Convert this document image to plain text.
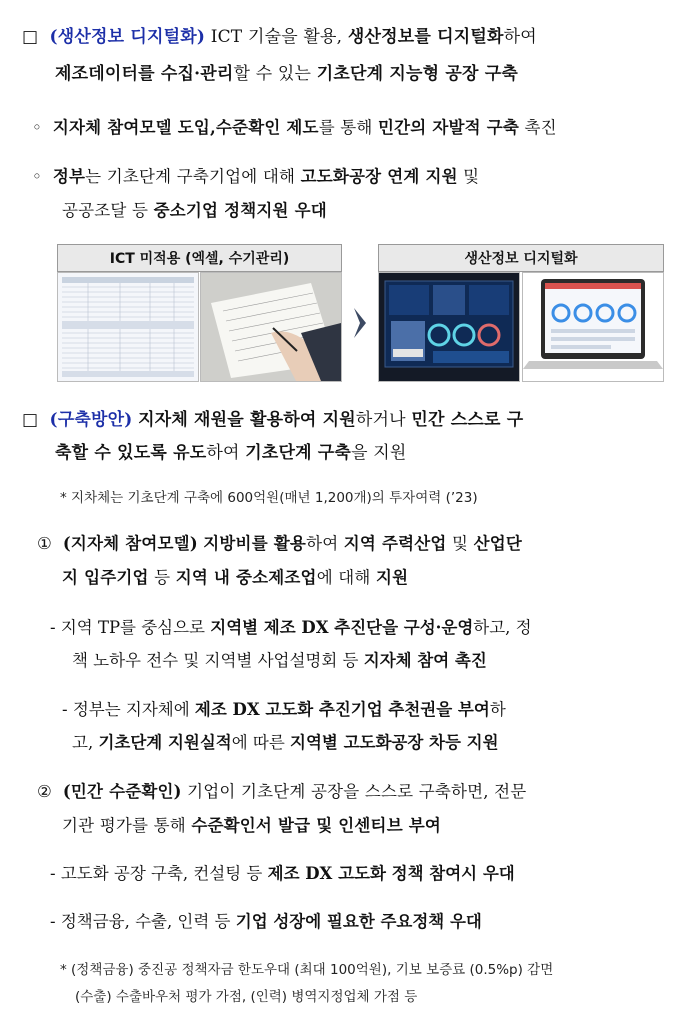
□ (생산정보 디지털화) ICT 기술을 활용, 생산정보를 디지털화하여
제조데이터를 수집·관리할 수 있는 기초단계 지능형 공장 구축
◦ 지자체 참여모델 도입,수준확인 제도를 통해 민간의 자발적 구축 촉진
◦ 정부는 기초단계 구축기업에 대해 고도화공장 연계 지원 및
공공조달 등 중소기업 정책지원 우대
ICT 미적용 (엑셀, 수기관리)	생산정보 디지털화
□ (구축방안) 지자체 재원을 활용하여 지원하거나 민간 스스로 구
축할 수 있도록 유도하여 기초단계 구축을 지원
* 지차체는 기초단계 구축에 600억원(매년 1,200개)의 투자여력 (’23)
① (지자체 참여모델) 지방비를 활용하여 지역 주력산업 및 산업단
지 입주기업 등 지역 내 중소제조업에 대해 지원
- 지역 TP를 중심으로 지역별 제조 DX 추진단을 구성·운영하고, 정
책 노하우 전수 및 지역별 사업설명회 등 지자체 참여 촉진
- 정부는 지자체에 제조 DX 고도화 추진기업 추천권을 부여하
고, 기초단계 지원실적에 따른 지역별 고도화공장 차등 지원
② (민간 수준확인) 기업이 기초단계 공장을 스스로 구축하면, 전문
기관 평가를 통해 수준확인서 발급 및 인센티브 부여
- 고도화 공장 구축, 컨설팅 등 제조 DX 고도화 정책 참여시 우대
- 정책금융, 수출, 인력 등 기업 성장에 필요한 주요정책 우대
* (정책금융) 중진공 정책자금 한도우대 (최대 100억원), 기보 보증료 (0.5%p) 감면
(수출) 수출바우처 평가 가점, (인력) 병역지정업체 가점 등
